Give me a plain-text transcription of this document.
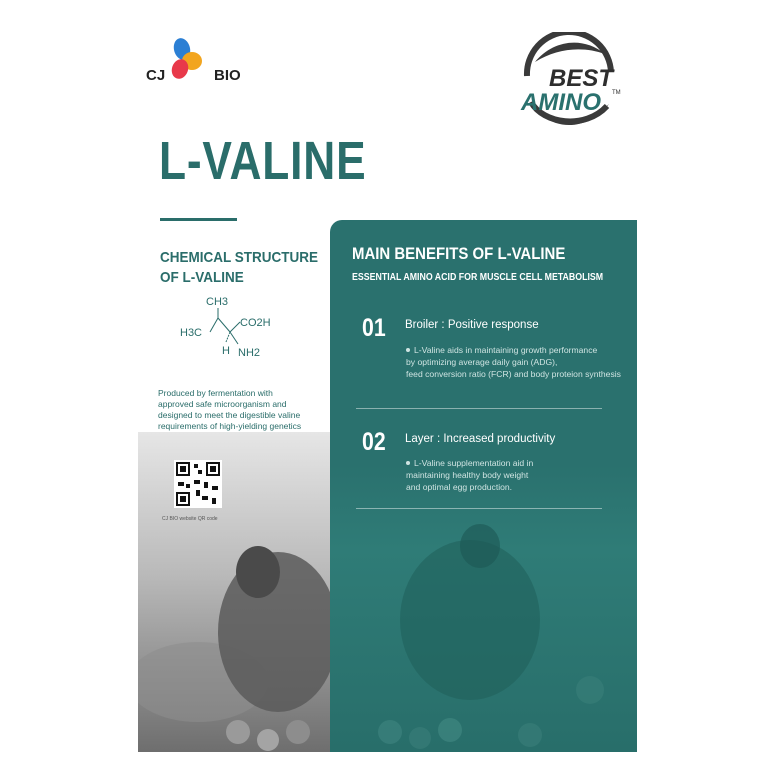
CJ	BIO	BEST
AMINO TM
L-VALINE
CHEMICAL STRUCTURE
OF L-VALINE
CH3
H3C
CO2H
H NH2
Produced by fermentation with
approved safe microorganism and
designed to meet the digestible valine
requirements of high-yielding genetics
CJ BIO website QR code
MAIN BENEFITS OF L-VALINE
ESSENTIAL AMINO ACID FOR MUSCLE CELL METABOLISM
01 Broiler : Positive response
L-Valine aids in maintaining growth performance
by optimizing average daily gain (ADG),
feed conversion ratio (FCR) and body proteion synthesis
02 Layer : Increased productivity
L-Valine supplementation aid in
maintaining healthy body weight
and optimal egg production.
